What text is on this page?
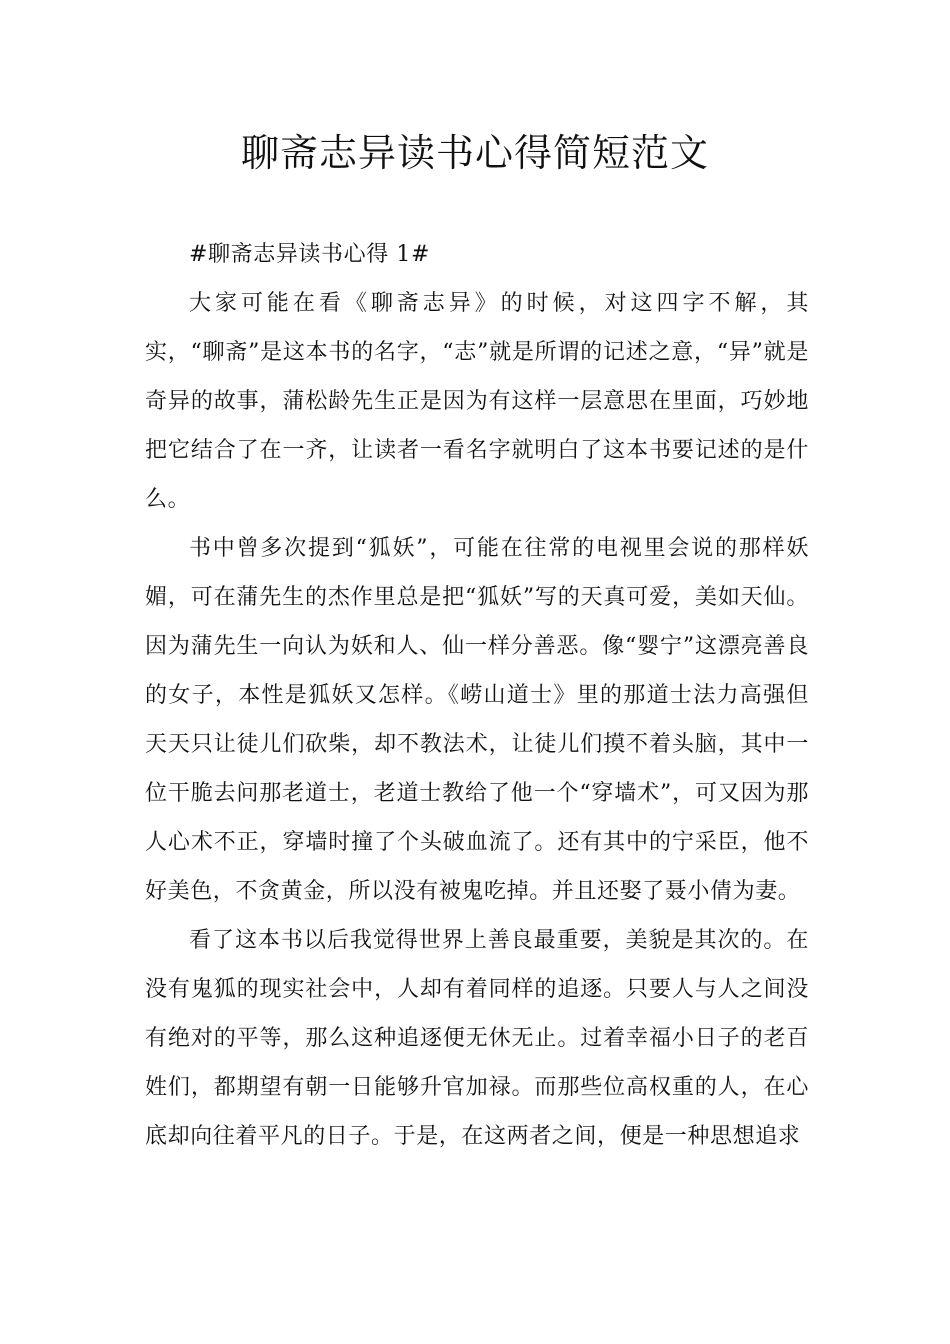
聊斋志异读书心得简短范文

#聊斋志异读书心得 1#

大家可能在看《聊斋志异》的时候，对这四字不解，其实，“聊斋”是这本书的名字，“志”就是所谓的记述之意，“异”就是奇异的故事，蒲松龄先生正是因为有这样一层意思在里面，巧妙地把它结合了在一齐，让读者一看名字就明白了这本书要记述的是什么。

书中曾多次提到“狐妖”，可能在往常的电视里会说的那样妖媚，可在蒲先生的杰作里总是把“狐妖”写的天真可爱，美如天仙。因为蒲先生一向认为妖和人、仙一样分善恶。像“婴宁”这漂亮善良的女子，本性是狐妖又怎样。《崂山道士》里的那道士法力高强但天天只让徒儿们砍柴，却不教法术，让徒儿们摸不着头脑，其中一位干脆去问那老道士，老道士教给了他一个“穿墙术”，可又因为那人心术不正，穿墙时撞了个头破血流了。还有其中的宁采臣，他不好美色，不贪黄金，所以没有被鬼吃掉。并且还娶了聂小倩为妻。

看了这本书以后我觉得世界上善良最重要，美貌是其次的。在没有鬼狐的现实社会中，人却有着同样的追逐。只要人与人之间没有绝对的平等，那么这种追逐便无休无止。过着幸福小日子的老百姓们，都期望有朝一日能够升官加禄。而那些位高权重的人，在心底却向往着平凡的日子。于是，在这两者之间，便是一种思想追求
